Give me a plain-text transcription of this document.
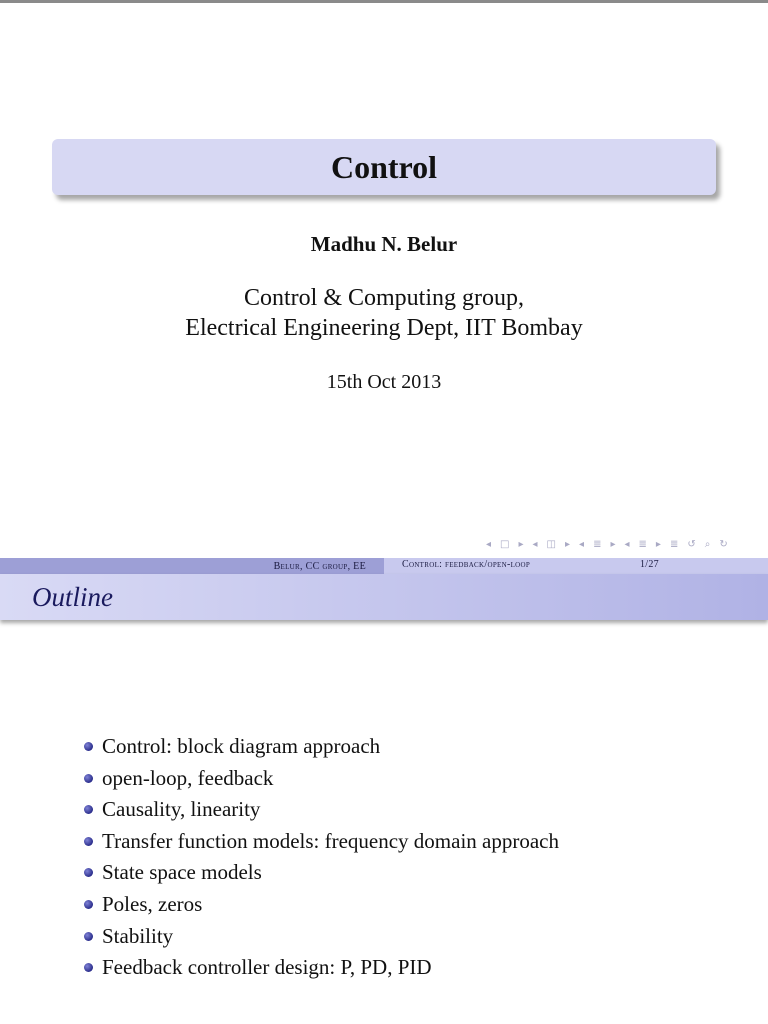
Control
Madhu N. Belur
Control & Computing group,
Electrical Engineering Dept, IIT Bombay
15th Oct 2013
◂ □ ▸ ◂ ◫ ▸ ◂ ≣ ▸ ◂ ≣ ▸ ≣ ↺ ⌕ ↻
Belur, CC group, EE	Control: feedback/open-loop	1/27
Outline
Control: block diagram approach
open-loop, feedback
Causality, linearity
Transfer function models: frequency domain approach
State space models
Poles, zeros
Stability
Feedback controller design: P, PD, PID
